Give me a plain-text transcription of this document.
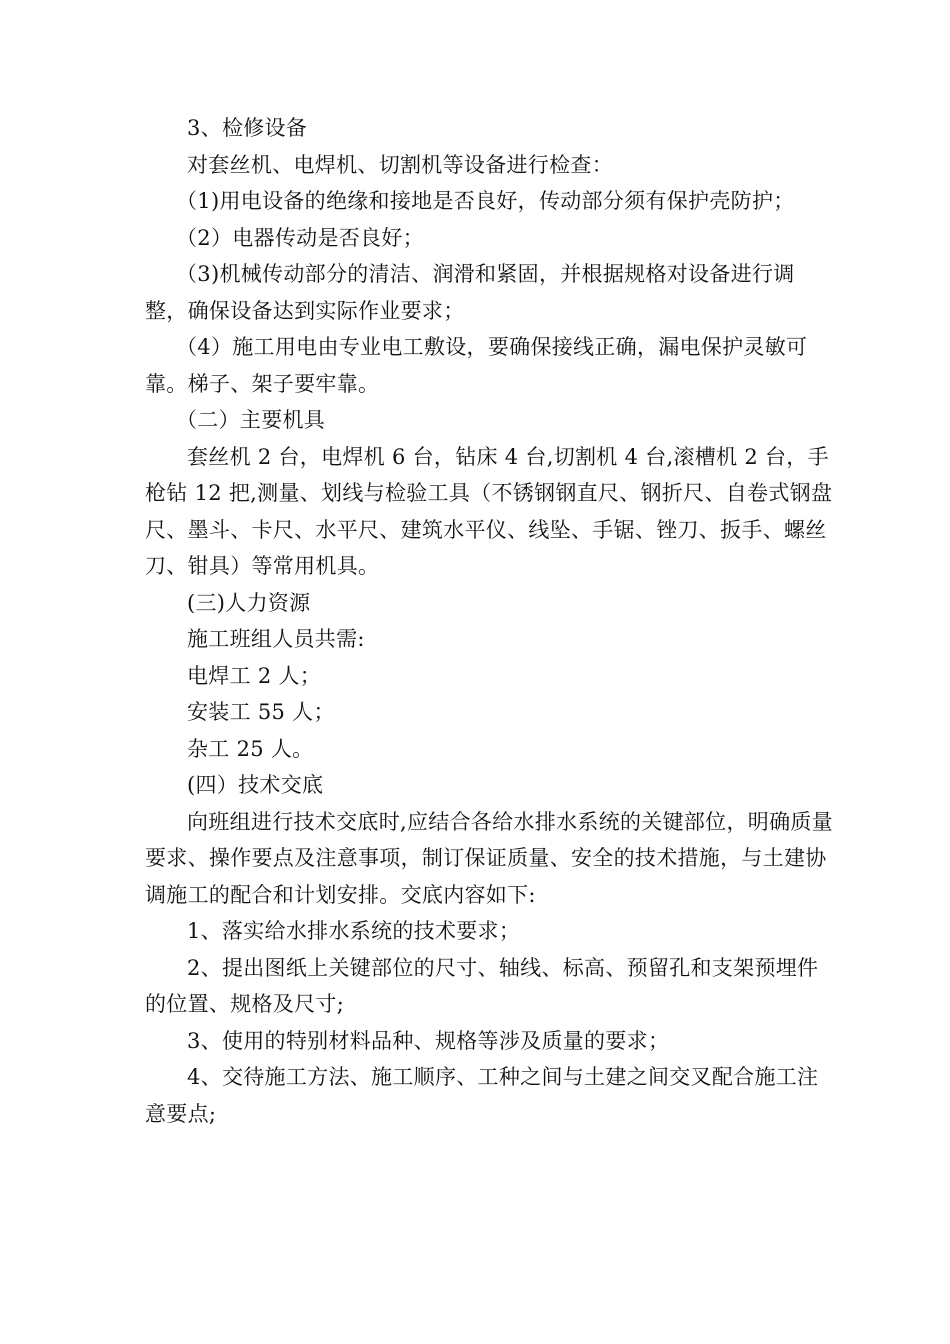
3、检修设备

对套丝机、电焊机、切割机等设备进行检查：

（1)用电设备的绝缘和接地是否良好，传动部分须有保护壳防护；

（2）电器传动是否良好；

（3)机械传动部分的清洁、润滑和紧固，并根据规格对设备进行调整，确保设备达到实际作业要求；

（4）施工用电由专业电工敷设，要确保接线正确，漏电保护灵敏可靠。梯子、架子要牢靠。

（二）主要机具

套丝机 2 台，电焊机 6 台，钻床 4 台,切割机 4 台,滚槽机 2 台，手枪钻 12 把,测量、划线与检验工具（不锈钢钢直尺、钢折尺、自卷式钢盘尺、墨斗、卡尺、水平尺、建筑水平仪、线坠、手锯、锉刀、扳手、螺丝刀、钳具）等常用机具。

(三)人力资源

施工班组人员共需:

电焊工 2 人；

安装工 55 人；

杂工 25 人。

(四）技术交底

向班组进行技术交底时,应结合各给水排水系统的关键部位，明确质量要求、操作要点及注意事项，制订保证质量、安全的技术措施，与土建协调施工的配合和计划安排。交底内容如下:

1、落实给水排水系统的技术要求；

2、提出图纸上关键部位的尺寸、轴线、标高、预留孔和支架预埋件的位置、规格及尺寸;

3、使用的特别材料品种、规格等涉及质量的要求；

4、交待施工方法、施工顺序、工种之间与土建之间交叉配合施工注意要点;
